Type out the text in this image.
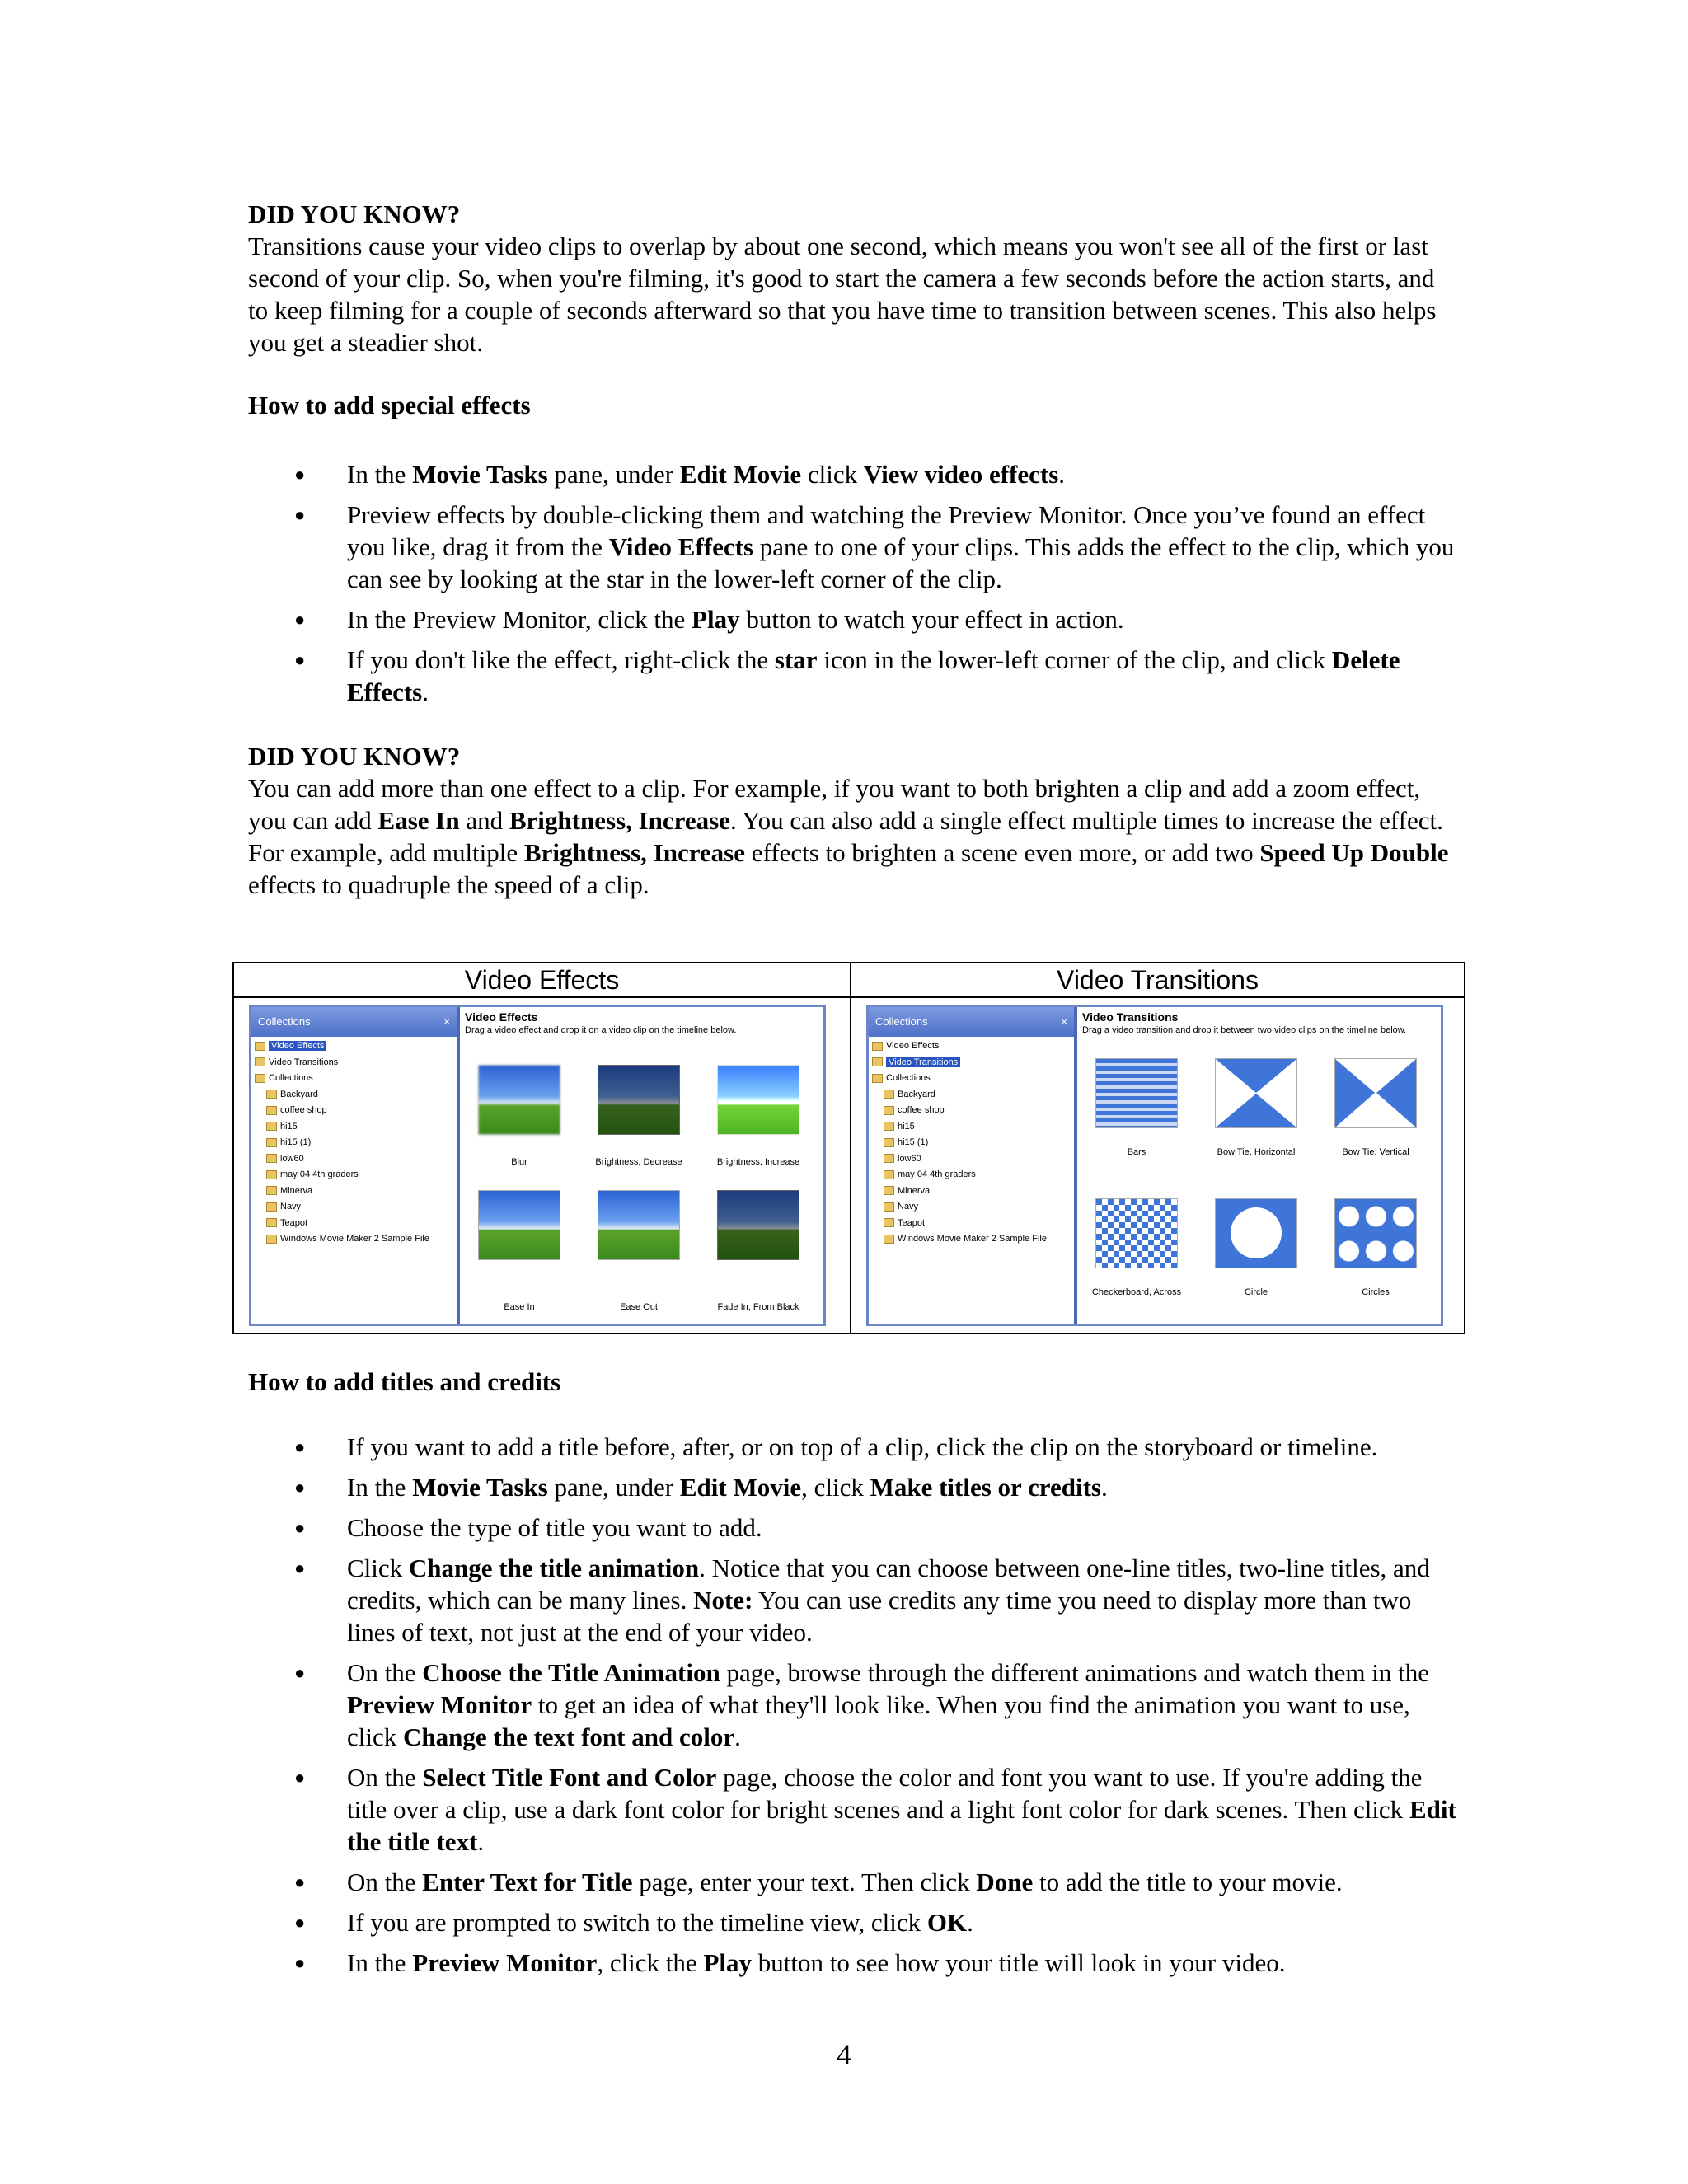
DID YOU KNOW?
Transitions cause your video clips to overlap by about one second, which means you won't see all of the first or last second of your clip. So, when you're filming, it's good to start the camera a few seconds before the action starts, and to keep filming for a couple of seconds afterward so that you have time to transition between scenes. This also helps you get a steadier shot.
How to add special effects
● In the Movie Tasks pane, under Edit Movie click View video effects.
● Preview effects by double-clicking them and watching the Preview Monitor. Once you’ve found an effect you like, drag it from the Video Effects pane to one of your clips. This adds the effect to the clip, which you can see by looking at the star in the lower-left corner of the clip.
● In the Preview Monitor, click the Play button to watch your effect in action.
● If you don't like the effect, right-click the star icon in the lower-left corner of the clip, and click Delete Effects.
DID YOU KNOW?
You can add more than one effect to a clip. For example, if you want to both brighten a clip and add a zoom effect, you can add Ease In and Brightness, Increase. You can also add a single effect multiple times to increase the effect. For example, add multiple Brightness, Increase effects to brighten a scene even more, or add two Speed Up Double effects to quadruple the speed of a clip.
Video Effects
Collections	×
Video Effects
Video Transitions
Collections
Backyard
coffee shop
hi15
hi15 (1)
low60
may 04 4th graders
Minerva
Navy
Teapot
Windows Movie Maker 2 Sample File
Video Effects
Drag a video effect and drop it on a video clip on the timeline below.
Blur	Brightness, Decrease	Brightness, Increase
Ease In	Ease Out	Fade In, From Black
Video Transitions
Collections	×
Video Effects
Video Transitions
Collections
Backyard
coffee shop
hi15
hi15 (1)
low60
may 04 4th graders
Minerva
Navy
Teapot
Windows Movie Maker 2 Sample File
Video Transitions
Drag a video transition and drop it between two video clips on the timeline below.
Bars	Bow Tie, Horizontal	Bow Tie, Vertical
Checkerboard, Across	Circle	Circles
How to add titles and credits
● If you want to add a title before, after, or on top of a clip, click the clip on the storyboard or timeline.
● In the Movie Tasks pane, under Edit Movie, click Make titles or credits.
● Choose the type of title you want to add.
● Click Change the title animation. Notice that you can choose between one-line titles, two-line titles, and credits, which can be many lines. Note: You can use credits any time you need to display more than two lines of text, not just at the end of your video.
● On the Choose the Title Animation page, browse through the different animations and watch them in the Preview Monitor to get an idea of what they'll look like. When you find the animation you want to use, click Change the text font and color.
● On the Select Title Font and Color page, choose the color and font you want to use. If you're adding the title over a clip, use a dark font color for bright scenes and a light font color for dark scenes. Then click Edit the title text.
● On the Enter Text for Title page, enter your text. Then click Done to add the title to your movie.
● If you are prompted to switch to the timeline view, click OK.
● In the Preview Monitor, click the Play button to see how your title will look in your video.
4
